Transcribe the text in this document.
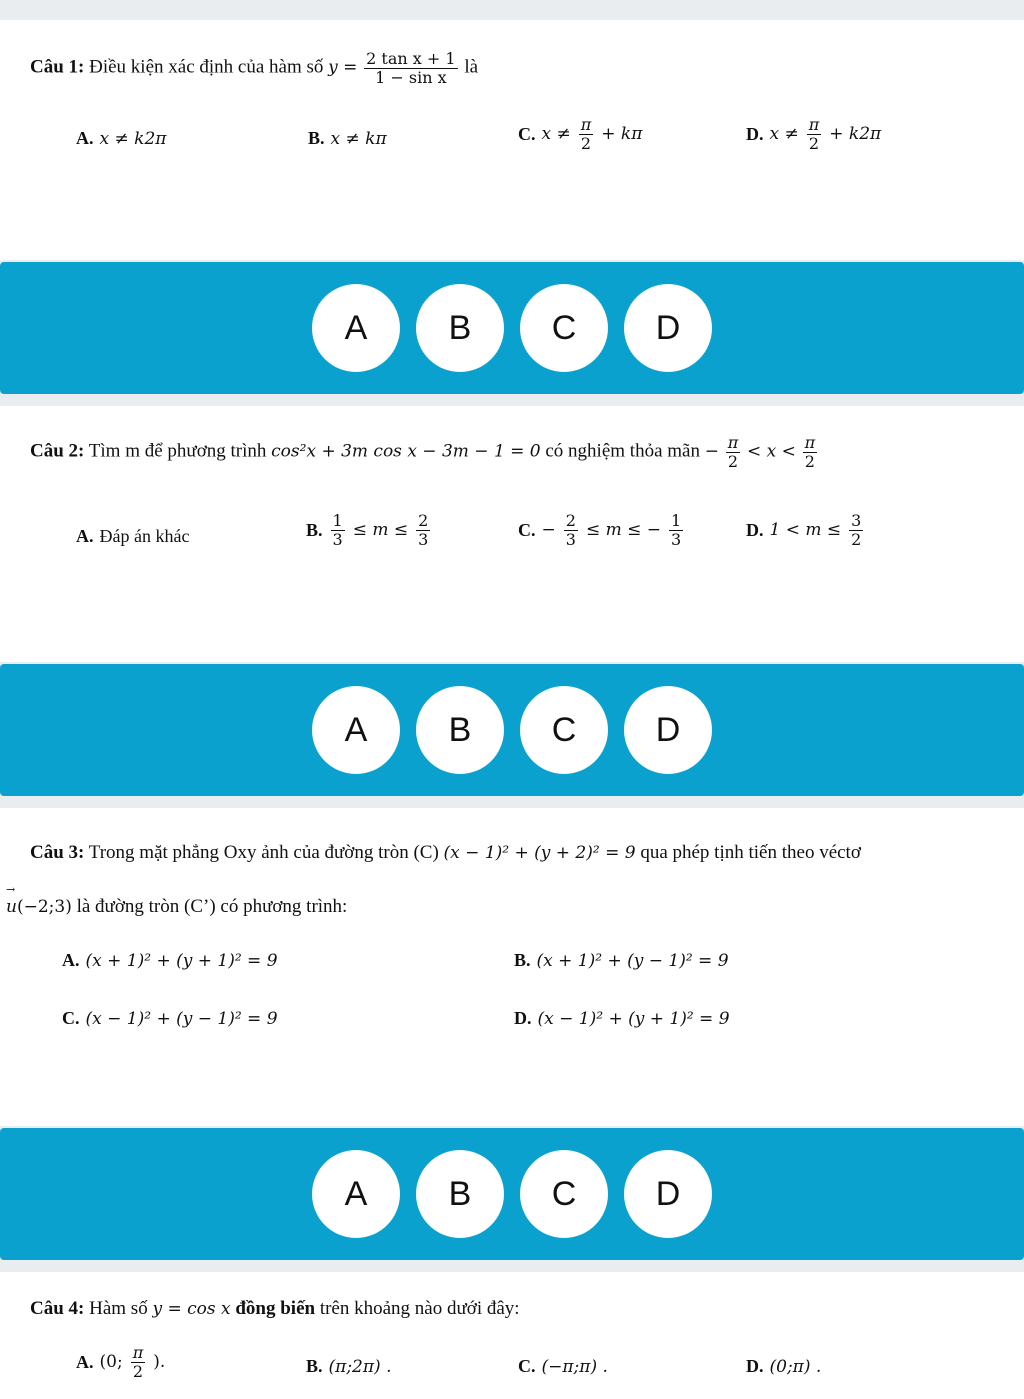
Câu 1: Điều kiện xác định của hàm số $y = \frac{\text{2 tan x + 1}}{\text{1 − sin x}}$ là
A. x ≠ k2π	B. x ≠ kπ	C. $x \ne \frac{\pi}{2} + k\pi$	D. $x \ne \frac{\pi}{2} + k2\pi$
A	B	C	D
Câu 2: Tìm m để phương trình cos²x + 3m cos x − 3m − 1 = 0 có nghiệm thỏa mãn − $\frac{\pi}{2} < x < \frac{\pi}{2}$
A. Đáp án khác	B. $\frac{1}{3} \le m \le \frac{2}{3}$	C. − $\frac{2}{3} \le m$ ≤ − $\frac{1}{3}$	D. $1 < m \le \frac{3}{2}$
A	B	C	D
Câu 3: Trong mặt phẳng Oxy ảnh của đường tròn (C) (x − 1)² + (y + 2)² = 9 qua phép tịnh tiến theo véctơ
→ u(−2;3) là đường tròn (C’) có phương trình:
A. (x + 1)² + (y + 1)² = 9	B. (x + 1)² + (y − 1)² = 9
C. (x − 1)² + (y − 1)² = 9	D. (x − 1)² + (y + 1)² = 9
A	B	C	D
Câu 4: Hàm số y = cos x đồng biến trên khoảng nào dưới đây:
A. (0; $\frac{\pi}{2}$ ).	B. (π;2π) .	C. (−π;π) .	D. (0;π) .
